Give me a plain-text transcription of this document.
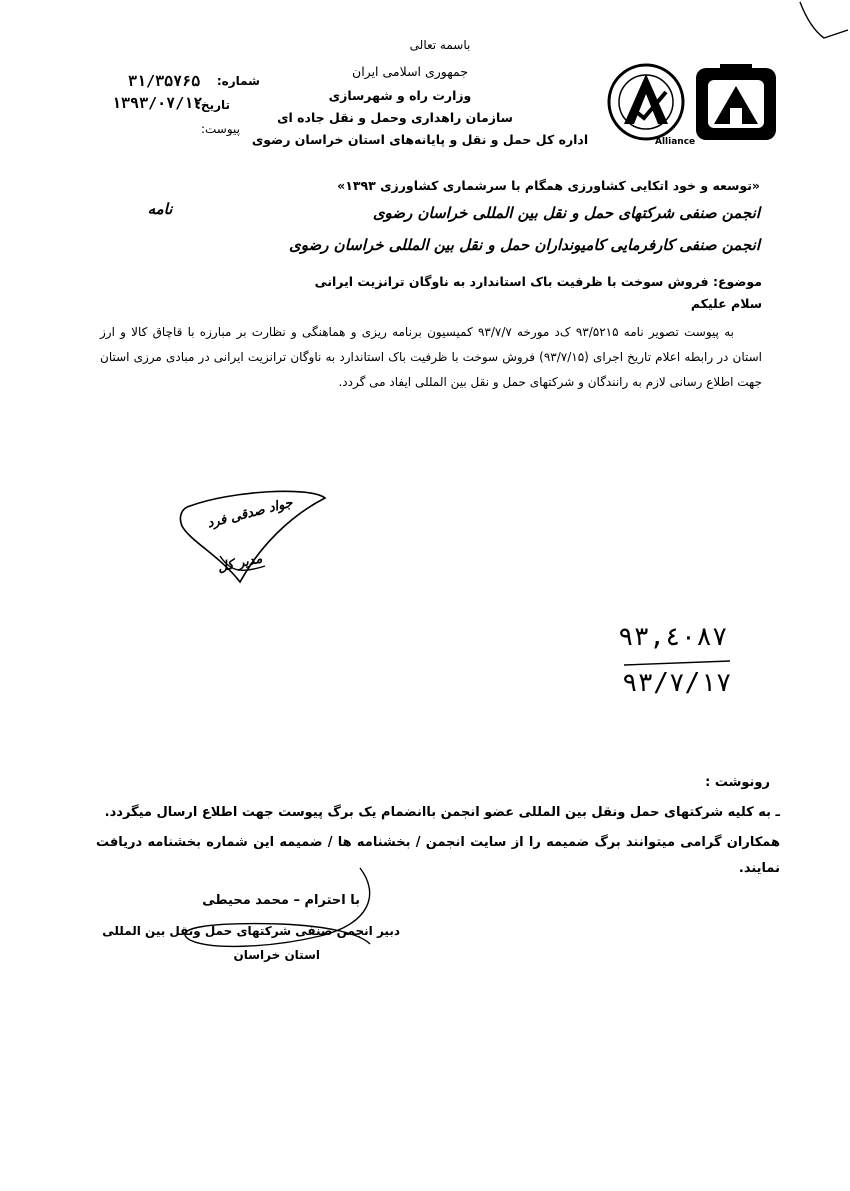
Alliance
باسمه تعالی
جمهوری اسلامی ایران
وزارت راه و شهرسازی
سازمان راهداری وحمل و نقل جاده ای
اداره کل حمل و نقل و پایانه‌های استان خراسان رضوی
شماره:
۳۱/۳۵۷۶۵
تاریخ:
۱۳۹۳/۰۷/۱۲
پیوست:
«توسعه و خود اتکایی کشاورزی همگام با سرشماری کشاورزی ۱۳۹۳»
انجمن صنفی شرکتهای حمل و نقل بین المللی خراسان رضوی
نامه
انجمن صنفی کارفرمایی کامیونداران حمل و نقل بین المللی خراسان رضوی
موضوع: فروش سوخت با ظرفیت باک استاندارد به ناوگان ترانزیت ایرانی
سلام علیکم
به پیوست تصویر نامه ۹۳/۵۲۱۵ ک‌د مورخه ۹۳/۷/۷ کمیسیون برنامه ریزی و هماهنگی و نظارت بر مبارزه با قاچاق کالا و ارز استان در رابطه اعلام تاریخ اجرای (۹۳/۷/۱۵) فروش سوخت با ظرفیت باک استاندارد به ناوگان ترانزیت ایرانی در مبادی مرزی استان جهت اطلاع رسانی لازم به رانندگان و شرکتهای حمل و نقل بین المللی ایفاد می گردد.
جواد صدقی فرد
مدیر کل
۹۳,٤٠٨٧
۹۳/۷/۱۷
رونوشت :
ـ به کلیه شرکتهای حمل ونقل بین المللی عضو انجمن باانضمام یک برگ پیوست جهت اطلاع ارسال میگردد.
همکاران گرامی میتوانند برگ ضمیمه را از سایت انجمن / بخشنامه ها / ضمیمه این شماره بخشنامه دریافت نمایند.
با احترام – محمد محیطی
دبیر انجمن صنفی شرکتهای حمل ونقل بین المللی
استان خراسان
